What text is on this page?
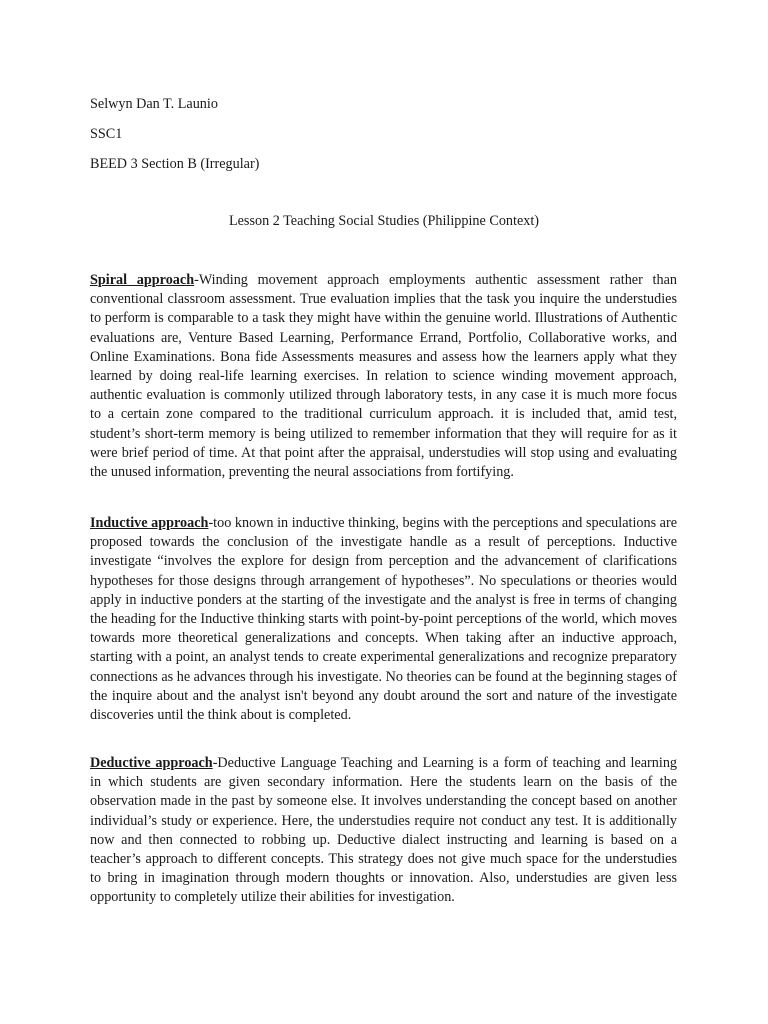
Selwyn Dan T. Launio

SSC1

BEED 3 Section B (Irregular)

Lesson 2 Teaching Social Studies (Philippine Context)

Spiral approach-Winding movement approach employments authentic assessment rather than conventional classroom assessment. True evaluation implies that the task you inquire the understudies to perform is comparable to a task they might have within the genuine world. Illustrations of Authentic evaluations are, Venture Based Learning, Performance Errand, Portfolio, Collaborative works, and Online Examinations. Bona fide Assessments measures and assess how the learners apply what they learned by doing real-life learning exercises. In relation to science winding movement approach, authentic evaluation is commonly utilized through laboratory tests, in any case it is much more focus to a certain zone compared to the traditional curriculum approach. it is included that, amid test, student’s short-term memory is being utilized to remember information that they will require for as it were brief period of time. At that point after the appraisal, understudies will stop using and evaluating the unused information, preventing the neural associations from fortifying.

Inductive approach-too known in inductive thinking, begins with the perceptions and speculations are proposed towards the conclusion of the investigate handle as a result of perceptions. Inductive investigate “involves the explore for design from perception and the advancement of clarifications hypotheses for those designs through arrangement of hypotheses”. No speculations or theories would apply in inductive ponders at the starting of the investigate and the analyst is free in terms of changing the heading for the Inductive thinking starts with point-by-point perceptions of the world, which moves towards more theoretical generalizations and concepts. When taking after an inductive approach, starting with a point, an analyst tends to create experimental generalizations and recognize preparatory connections as he advances through his investigate. No theories can be found at the beginning stages of the inquire about and the analyst isn't beyond any doubt around the sort and nature of the investigate discoveries until the think about is completed.

Deductive approach-Deductive Language Teaching and Learning is a form of teaching and learning in which students are given secondary information. Here the students learn on the basis of the observation made in the past by someone else. It involves understanding the concept based on another individual’s study or experience. Here, the understudies require not conduct any test. It is additionally now and then connected to robbing up. Deductive dialect instructing and learning is based on a teacher’s approach to different concepts. This strategy does not give much space for the understudies to bring in imagination through modern thoughts or innovation. Also, understudies are given less opportunity to completely utilize their abilities for investigation.
